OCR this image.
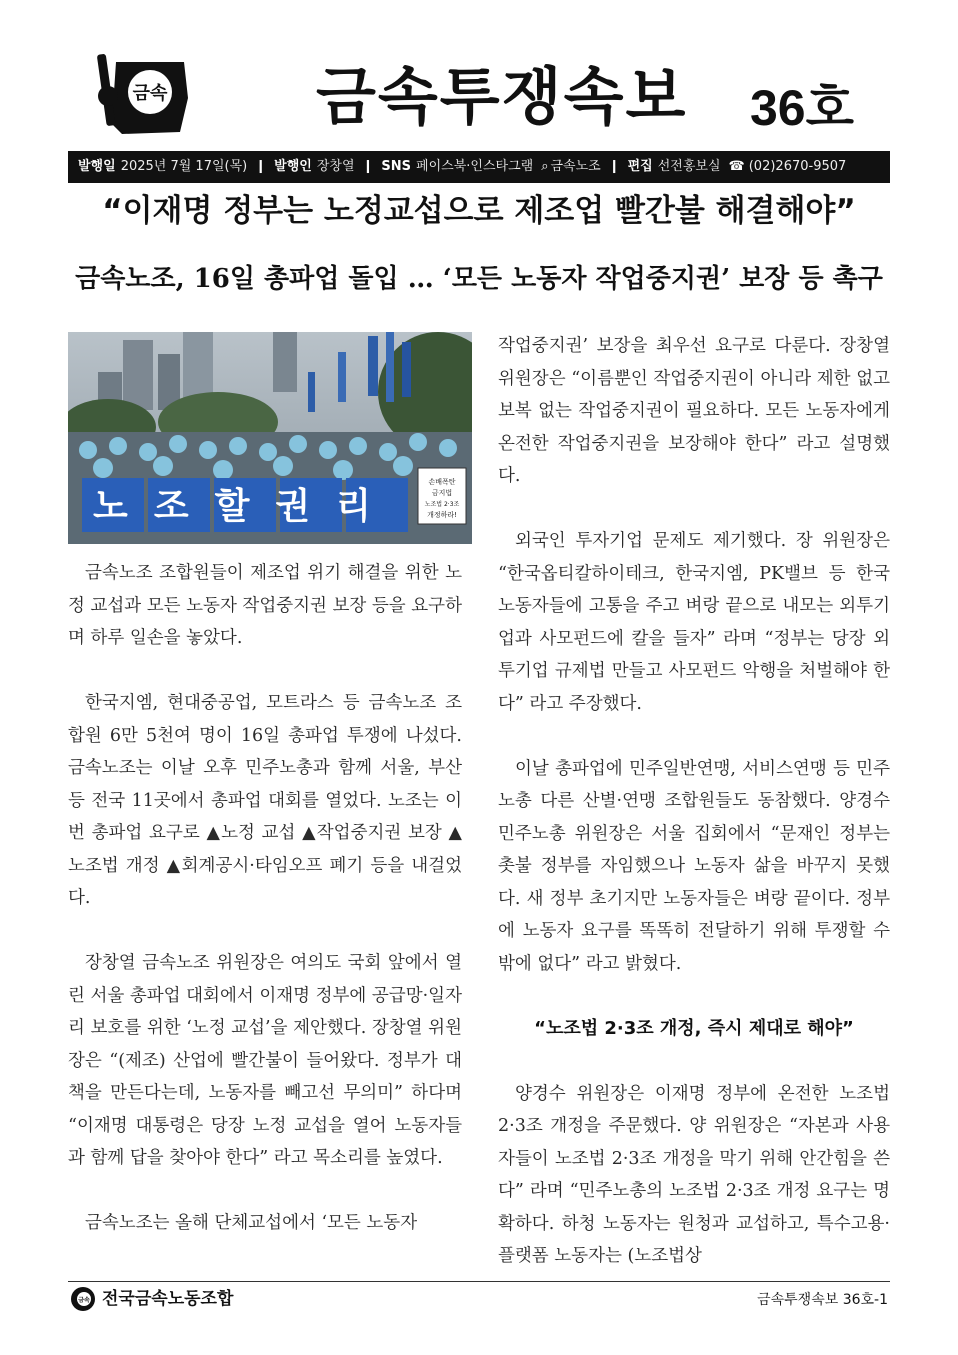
금속 금속투쟁속보 36호
발행일 2025년 7월 17일(목) ❙ 발행인 장창열 ❙ SNS 페이스북·인스타그램 ⌕ 금속노조 ❙ 편집 선전홍보실 ☎ (02)2670-9507
“이재명 정부는 노정교섭으로 제조업 빨간불 해결해야”
금속노조, 16일 총파업 돌입 … ‘모든 노동자 작업중지권’ 보장 등 촉구
노조할권리
손배폭탄
금지법
노조법 2·3조
개정하라!

금속노조 조합원들이 제조업 위기 해결을 위한 노정 교섭과 모든 노동자 작업중지권 보장 등을 요구하며 하루 일손을 놓았다.

한국지엠, 현대중공업, 모트라스 등 금속노조 조합원 6만 5천여 명이 16일 총파업 투쟁에 나섰다. 금속노조는 이날 오후 민주노총과 함께 서울, 부산 등 전국 11곳에서 총파업 대회를 열었다. 노조는 이번 총파업 요구로 ▲노정 교섭 ▲작업중지권 보장 ▲노조법 개정 ▲회계공시·타임오프 폐기 등을 내걸었다.

장창열 금속노조 위원장은 여의도 국회 앞에서 열린 서울 총파업 대회에서 이재명 정부에 공급망·일자리 보호를 위한 ‘노정 교섭’을 제안했다. 장창열 위원장은 “(제조) 산업에 빨간불이 들어왔다. 정부가 대책을 만든다는데, 노동자를 빼고선 무의미” 하다며 “이재명 대통령은 당장 노정 교섭을 열어 노동자들과 함께 답을 찾아야 한다” 라고 목소리를 높였다.

금속노조는 올해 단체교섭에서 ‘모든 노동자

작업중지권’ 보장을 최우선 요구로 다룬다. 장창열 위원장은 “이름뿐인 작업중지권이 아니라 제한 없고 보복 없는 작업중지권이 필요하다. 모든 노동자에게 온전한 작업중지권을 보장해야 한다” 라고 설명했다.

외국인 투자기업 문제도 제기했다. 장 위원장은 “한국옵티칼하이테크, 한국지엠, PK밸브 등 한국 노동자들에 고통을 주고 벼랑 끝으로 내모는 외투기업과 사모펀드에 칼을 들자” 라며 “정부는 당장 외투기업 규제법 만들고 사모펀드 악행을 처벌해야 한다” 라고 주장했다.

이날 총파업에 민주일반연맹, 서비스연맹 등 민주노총 다른 산별·연맹 조합원들도 동참했다. 양경수 민주노총 위원장은 서울 집회에서 “문재인 정부는 촛불 정부를 자임했으나 노동자 삶을 바꾸지 못했다. 새 정부 초기지만 노동자들은 벼랑 끝이다. 정부에 노동자 요구를 똑똑히 전달하기 위해 투쟁할 수밖에 없다” 라고 밝혔다.

“노조법 2·3조 개정, 즉시 제대로 해야”

양경수 위원장은 이재명 정부에 온전한 노조법 2·3조 개정을 주문했다. 양 위원장은 “자본과 사용자들이 노조법 2·3조 개정을 막기 위해 안간힘을 쓴다” 라며 “민주노총의 노조법 2·3조 개정 요구는 명확하다. 하청 노동자는 원청과 교섭하고, 특수고용·플랫폼 노동자는 (노조법상

금속 전국금속노동조합	금속투쟁속보 36호-1
